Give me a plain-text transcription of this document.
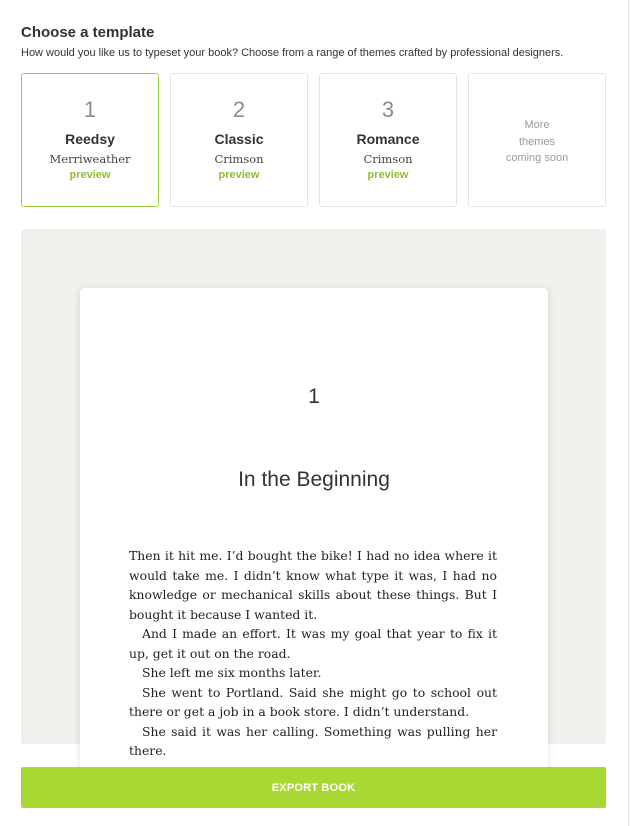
Choose a template
How would you like us to typeset your book? Choose from a range of themes crafted by professional designers.
1
Reedsy
Merriweather
preview
2
Classic
Crimson
preview
3
Romance
Crimson
preview
More
themes
coming soon
1
In the Beginning

Then it hit me. I’d bought the bike! I had no idea where it would take me. I didn’t know what type it was, I had no knowledge or mechanical skills about these things. But I bought it because I wanted it.

And I made an effort. It was my goal that year to fix it up, get it out on the road.

She left me six months later.

She went to Portland. Said she might go to school out there or get a job in a book store. I didn’t understand.

She said it was her calling. Something was pulling her there.

EXPORT BOOK
